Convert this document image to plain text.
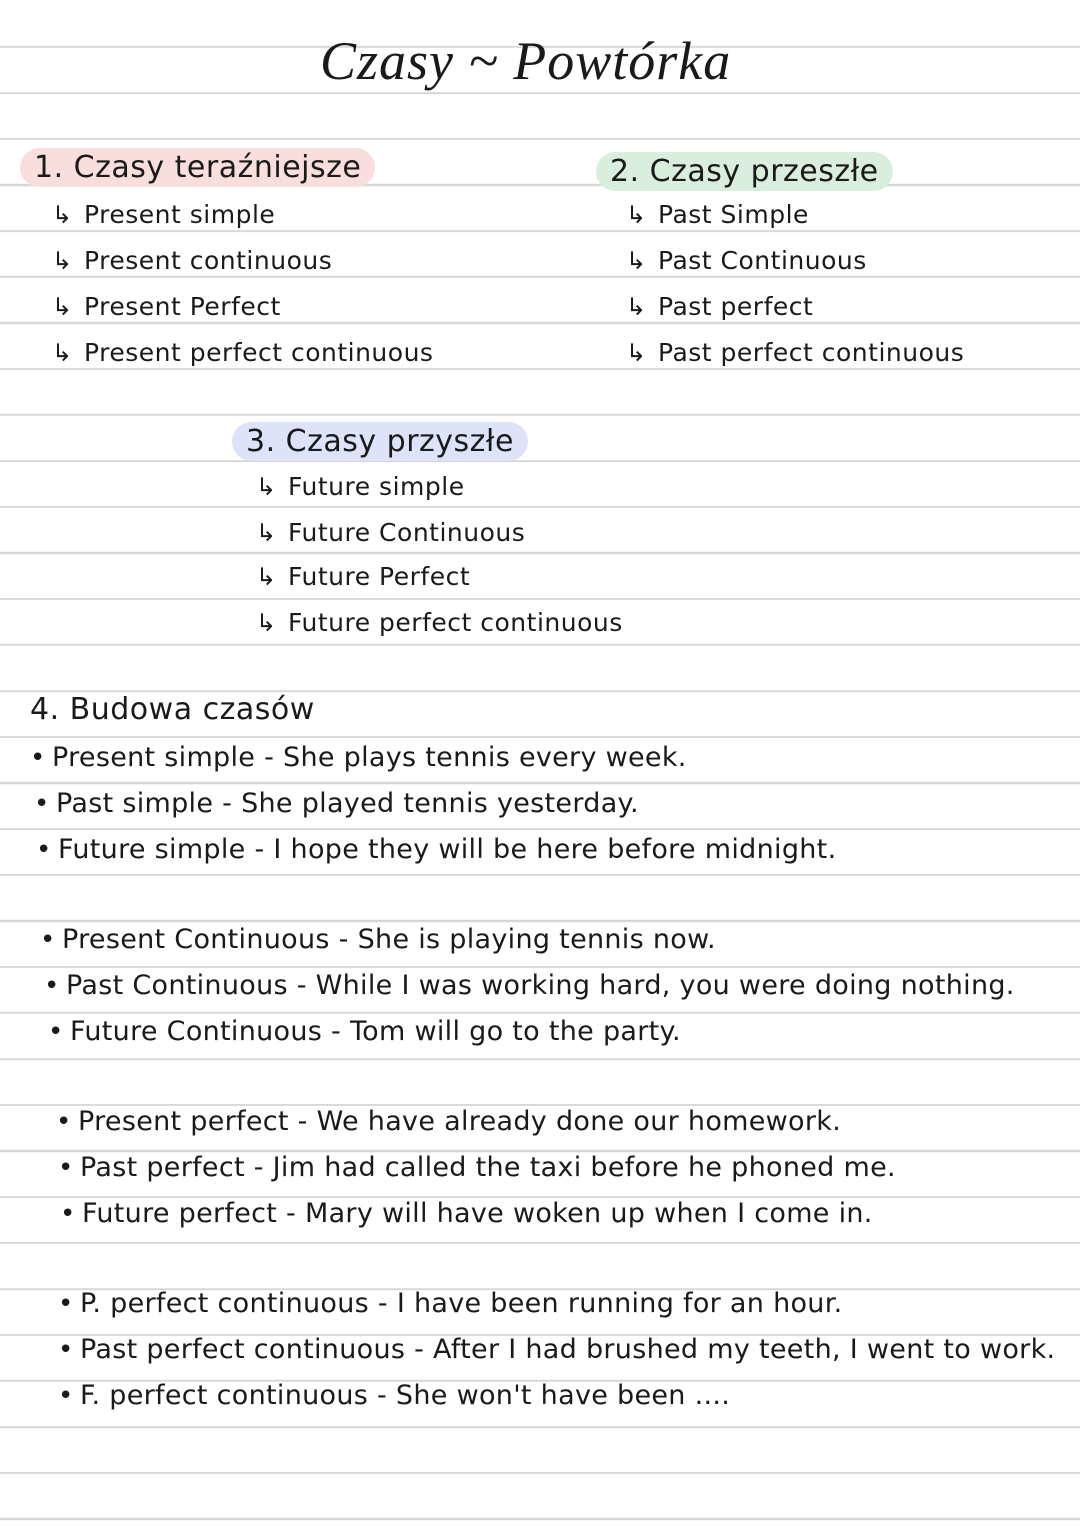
Czasy ~ Powtórka
1. Czasy teraźniejsze
↳ Present simple
↳ Present continuous
↳ Present Perfect
↳ Present perfect continuous
2. Czasy przeszłe
↳ Past Simple
↳ Past Continuous
↳ Past perfect
↳ Past perfect continuous
3. Czasy przyszłe
↳ Future simple
↳ Future Continuous
↳ Future Perfect
↳ Future perfect continuous
4. Budowa czasów
• Present simple - She plays tennis every week.
• Past simple - She played tennis yesterday.
• Future simple - I hope they will be here before midnight.
• Present Continuous - She is playing tennis now.
• Past Continuous - While I was working hard, you were doing nothing.
• Future Continuous - Tom will go to the party.
• Present perfect - We have already done our homework.
• Past perfect - Jim had called the taxi before he phoned me.
• Future perfect - Mary will have woken up when I come in.
• P. perfect continuous - I have been running for an hour.
• Past perfect continuous - After I had brushed my teeth, I went to work.
• F. perfect continuous - She won't have been ....
